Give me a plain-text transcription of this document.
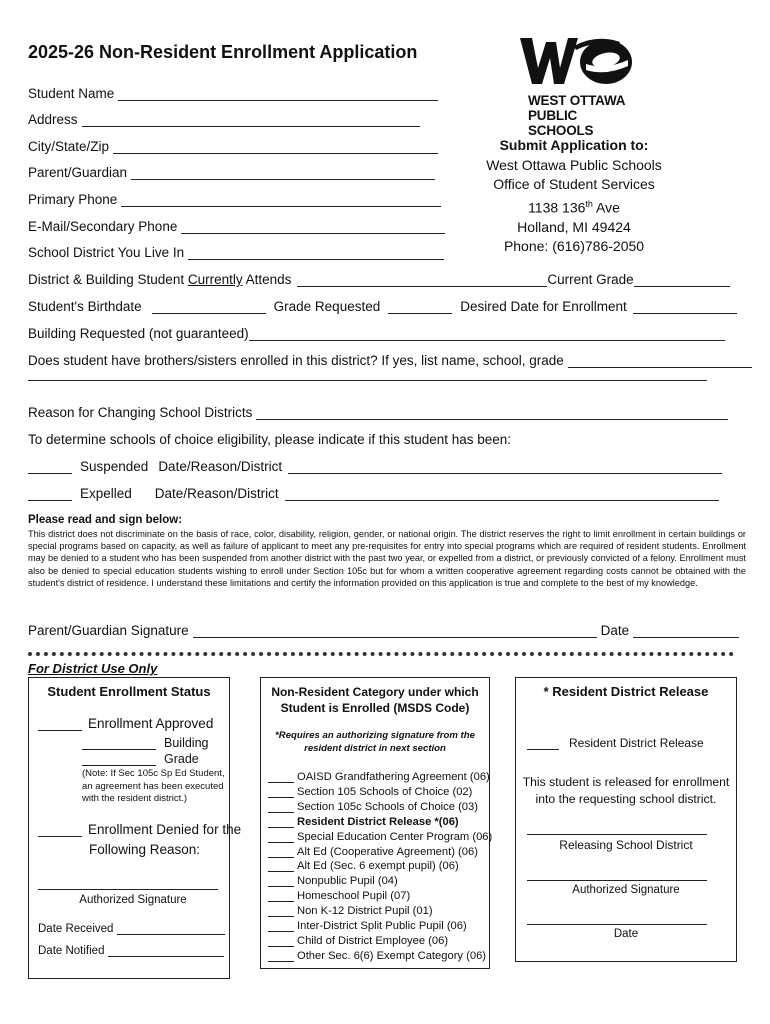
2025-26 Non-Resident Enrollment Application
WEST OTTAWA
PUBLIC SCHOOLS
Submit Application to:
West Ottawa Public Schools
Office of Student Services
1138 136th Ave
Holland, MI 49424
Phone: (616)786-2050
Student Name
Address
City/State/Zip
Parent/Guardian
Primary Phone
E-Mail/Secondary Phone
School District You Live In
District & Building Student Currently Attends	Current Grade
Student's Birthdate	Grade Requested	Desired Date for Enrollment
Building Requested (not guaranteed)
Does student have brothers/sisters enrolled in this district? If yes, list name, school, grade
Reason for Changing School Districts
To determine schools of choice eligibility, please indicate if this student has been:
Suspended Date/Reason/District
Expelled	Date/Reason/District
Please read and sign below:
This district does not discriminate on the basis of race, color, disability, religion, gender, or national origin. The district reserves the right to limit enrollment in certain buildings or special programs based on capacity, as well as failure of applicant to meet any pre-requisites for entry into special programs which are required of resident students. Enrollment may be denied to a student who has been suspended from another district with the past two year, or expelled from a district, or previously convicted of a felony. Enrollment must also be denied to special education students wishing to enroll under Section 105c but for whom a written cooperative agreement regarding costs cannot be obtained with the student's district of residence. I understand these limitations and certify the information provided on this application is true and complete to the best of my knowledge.
Parent/Guardian Signature	Date
For District Use Only
Student Enrollment Status
Enrollment Approved
Building
Grade
(Note: If Sec 105c Sp Ed Student, an agreement has been executed with the resident district.)
Enrollment Denied for the
Following Reason:
Authorized Signature
Date Received
Date Notified
Non-Resident Category under which
Student is Enrolled (MSDS Code)
*Requires an authorizing signature from the
resident district in next section
OAISD Grandfathering Agreement (06)
Section 105 Schools of Choice (02)
Section 105c Schools of Choice (03)
Resident District Release *(06)
Special Education Center Program (06)
Alt Ed (Cooperative Agreement) (06)
Alt Ed (Sec. 6 exempt pupil) (06)
Nonpublic Pupil (04)
Homeschool Pupil (07)
Non K-12 District Pupil (01)
Inter-District Split Public Pupil (06)
Child of District Employee (06)
Other Sec. 6(6) Exempt Category (06)
* Resident District Release
Resident District Release
This student is released for enrollment
into the requesting school district.
Releasing School District
Authorized Signature
Date
